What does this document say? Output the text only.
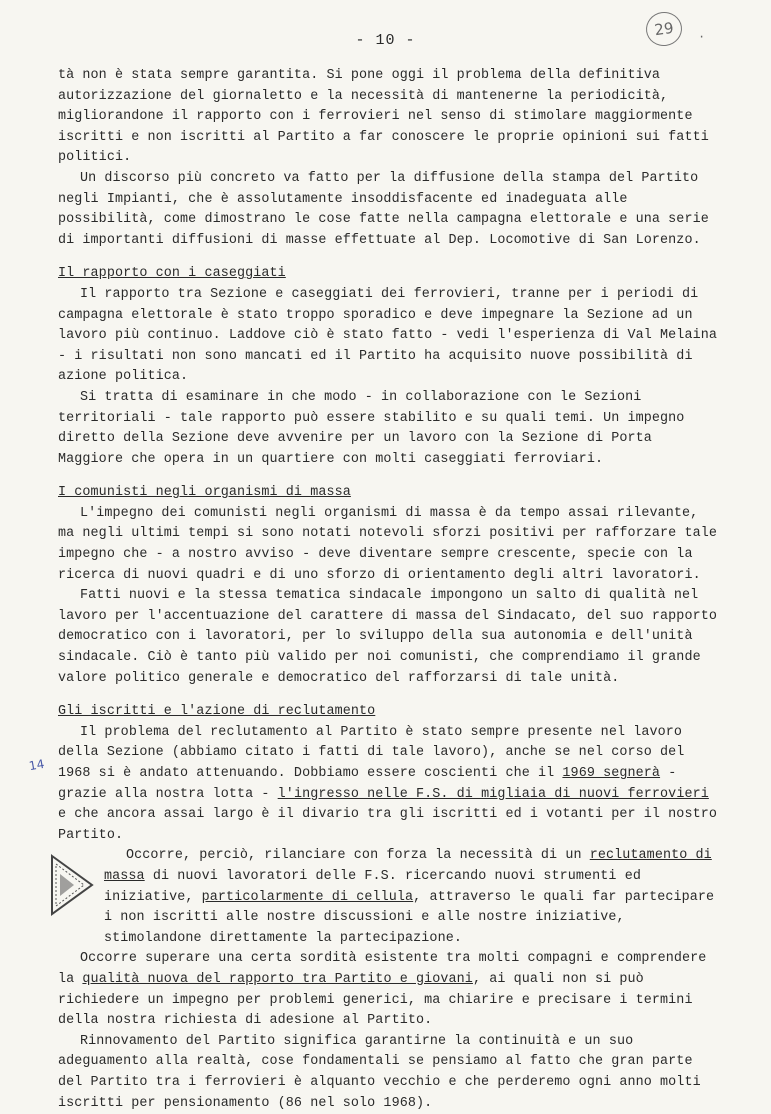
- 10 -
29	·
14

tà non è stata sempre garantita. Si pone oggi il problema della definitiva autorizzazione del giornaletto e la necessità di mantenerne la periodicità, migliorandone il rapporto con i ferrovieri nel senso di stimolare maggiormente iscritti e non iscritti al Partito a far conoscere le proprie opinioni sui fatti politici.

Un discorso più concreto va fatto per la diffusione della stampa del Partito negli Impianti, che è assolutamente insoddisfacente ed inadeguata alle possibilità, come dimostrano le cose fatte nella campagna elettorale e una serie di importanti diffusioni di masse effettuate al Dep. Locomotive di San Lorenzo.

Il rapporto con i caseggiati

Il rapporto tra Sezione e caseggiati dei ferrovieri, tranne per i periodi di campagna elettorale è stato troppo sporadico e deve impegnare la Sezione ad un lavoro più continuo. Laddove ciò è stato fatto - vedi l'esperienza di Val Melaina - i risultati non sono mancati ed il Partito ha acquisito nuove possibilità di azione politica.

Si tratta di esaminare in che modo - in collaborazione con le Sezioni territoriali - tale rapporto può essere stabilito e su quali temi. Un impegno diretto della Sezione deve avvenire per un lavoro con la Sezione di Porta Maggiore che opera in un quartiere con molti caseggiati ferroviari.

I comunisti negli organismi di massa

L'impegno dei comunisti negli organismi di massa è da tempo assai rilevante, ma negli ultimi tempi si sono notati notevoli sforzi positivi per rafforzare tale impegno che - a nostro avviso - deve diventare sempre crescente, specie con la ricerca di nuovi quadri e di uno sforzo di orientamento degli altri lavoratori.

Fatti nuovi e la stessa tematica sindacale impongono un salto di qualità nel lavoro per l'accentuazione del carattere di massa del Sindacato, del suo rapporto democratico con i lavoratori, per lo sviluppo della sua autonomia e dell'unità sindacale. Ciò è tanto più valido per noi comunisti, che comprendiamo il grande valore politico generale e democratico del rafforzarsi di tale unità.

Gli iscritti e l'azione di reclutamento

Il problema del reclutamento al Partito è stato sempre presente nel lavoro della Sezione (abbiamo citato i fatti di tale lavoro), anche se nel corso del 1968 si è andato attenuando. Dobbiamo essere coscienti che il 1969 segnerà - grazie alla nostra lotta - l'ingresso nelle F.S. di migliaia di nuovi ferrovieri e che ancora assai largo è il divario tra gli iscritti ed i votanti per il nostro Partito.

Occorre, perciò, rilanciare con forza la necessità di un reclutamento di massa di nuovi lavoratori delle F.S. ricercando nuovi strumenti ed iniziative, particolarmente di cellula, attraverso le quali far partecipare i non iscritti alle nostre discussioni e alle nostre iniziative, stimolandone direttamente la partecipazione.

Occorre superare una certa sordità esistente tra molti compagni e comprendere la qualità nuova del rapporto tra Partito e giovani, ai quali non si può richiedere un impegno per problemi generici, ma chiarire e precisare i termini della nostra richiesta di adesione al Partito.

Rinnovamento del Partito significa garantirne la continuità e un suo adeguamento alla realtà, cose fondamentali se pensiamo al fatto che gran parte del Partito tra i ferrovieri è alquanto vecchio e che perderemo ogni anno molti iscritti per pensionamento (86 nel solo 1968).
